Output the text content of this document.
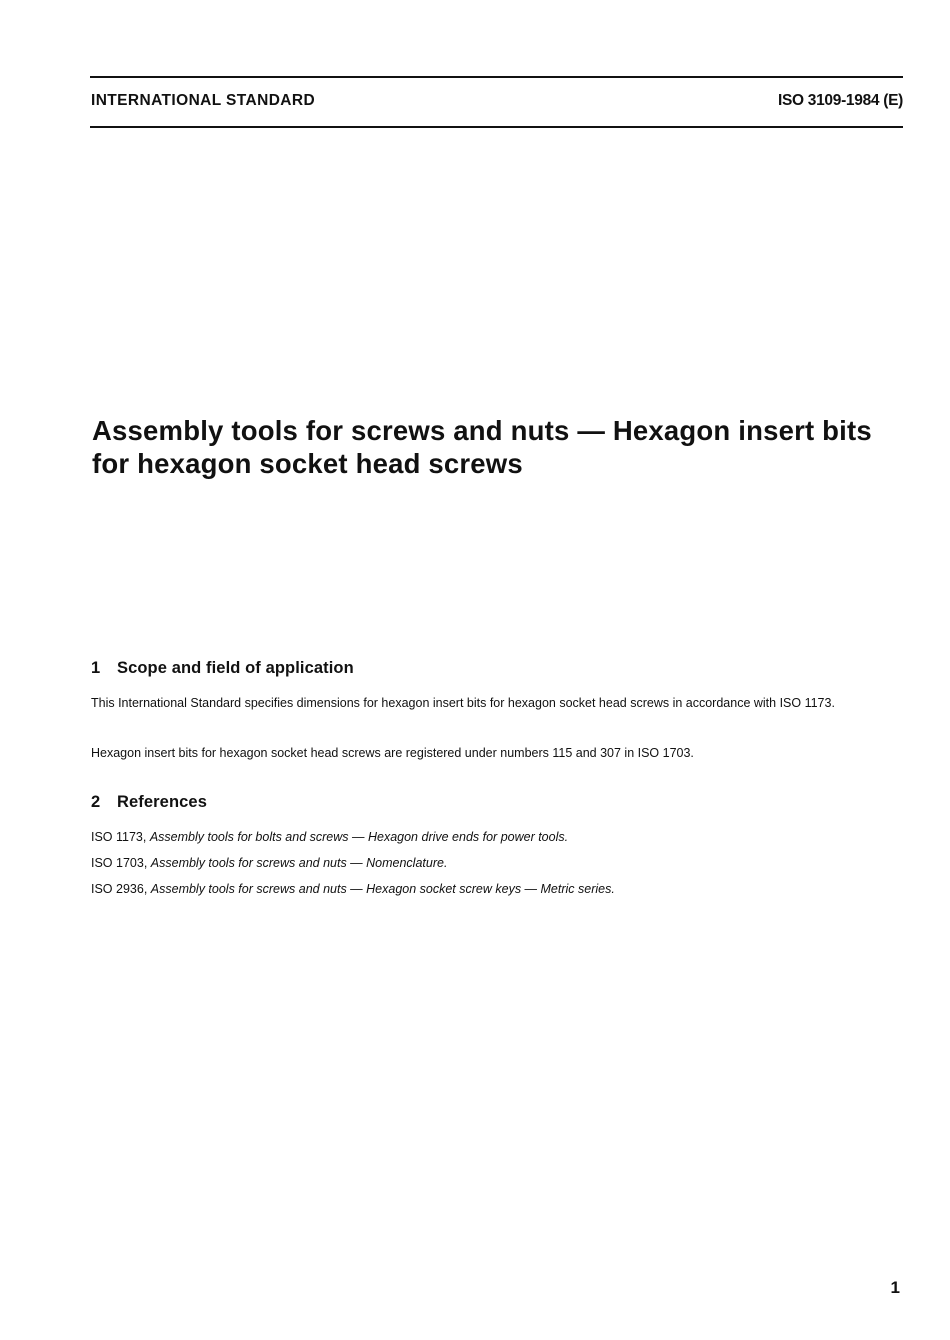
INTERNATIONAL STANDARD	ISO 3109-1984 (E)
Assembly tools for screws and nuts — Hexagon insert bits for hexagon socket head screws
1 Scope and field of application

This International Standard specifies dimensions for hexagon insert bits for hexagon socket head screws in accordance with ISO 1173.

Hexagon insert bits for hexagon socket head screws are registered under numbers 115 and 307 in ISO 1703.

2 References

ISO 1173, Assembly tools for bolts and screws — Hexagon drive ends for power tools.

ISO 1703, Assembly tools for screws and nuts — Nomenclature.

ISO 2936, Assembly tools for screws and nuts — Hexagon socket screw keys — Metric series.

1
